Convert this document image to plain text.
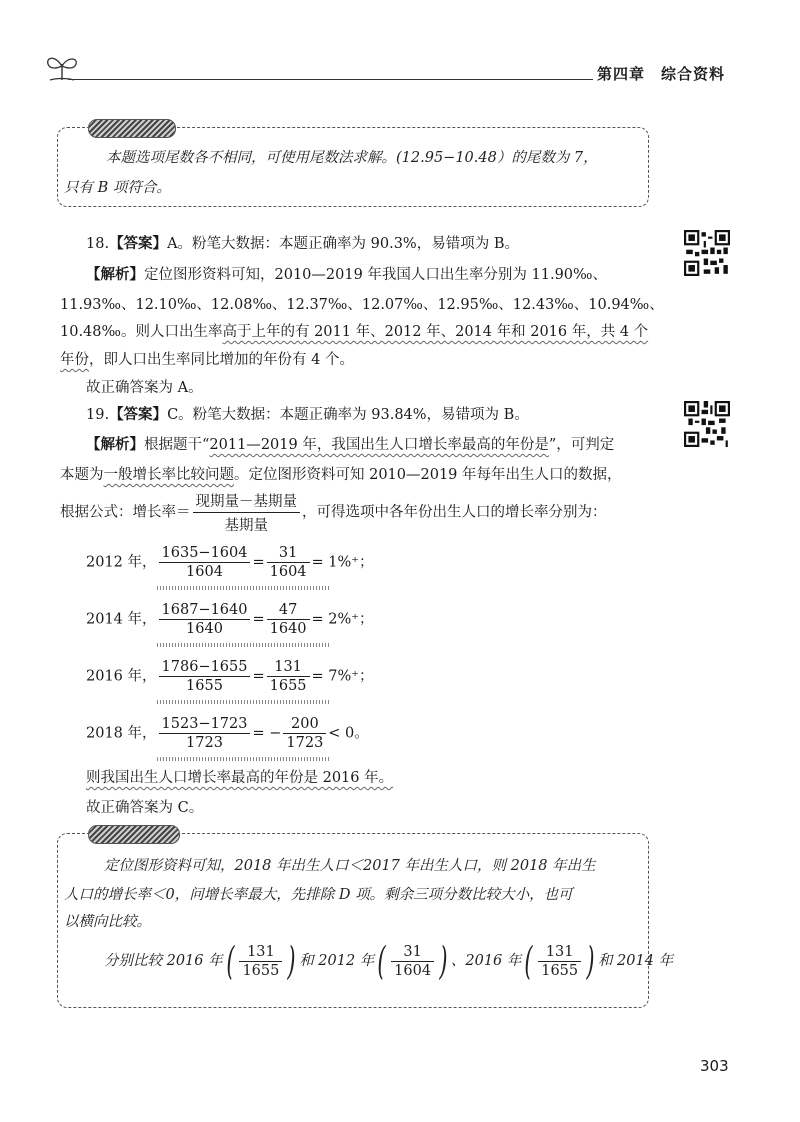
第四章 综合资料
本题选项尾数各不相同，可使用尾数法求解。(12.95−10.48）的尾数为 7，
只有 B 项符合。
18.【答案】A。粉笔大数据：本题正确率为 90.3%，易错项为 B。
【解析】定位图形资料可知，2010—2019 年我国人口出生率分别为 11.90‰、
11.93‰、12.10‰、12.08‰、12.37‰、12.07‰、12.95‰、12.43‰、10.94‰、
10.48‰。则人口出生率高于上年的有 2011 年、2012 年、2014 年和 2016 年，共 4 个
年份，即人口出生率同比增加的年份有 4 个。
故正确答案为 A。
19.【答案】C。粉笔大数据：本题正确率为 93.84%，易错项为 B。
【解析】根据题干“2011—2019 年，我国出生人口增长率最高的年份是”，可判定
本题为一般增长率比较问题。定位图形资料可知 2010—2019 年每年出生人口的数据，
根据公式：增长率＝ $\frac{\text{现期量－基期量}}{\text{基期量}}$ ，可得选项中各年份出生人口的增长率分别为：
2012 年， $\frac{1635-1604}{1604} = \frac{31}{1604} = 1\%^+$；
2014 年， $\frac{1687-1640}{1640} = \frac{47}{1640} = 2\%^+$；
2016 年， $\frac{1786-1655}{1655} = \frac{131}{1655} = 7\%^+$；
2018 年， $\frac{1523-1723}{1723}$ = − $\frac{200}{1723} < 0$。
则我国出生人口增长率最高的年份是 2016 年。
故正确答案为 C。
定位图形资料可知，2018 年出生人口＜2017 年出生人口，则 2018 年出生
人口的增长率＜0，问增长率最大，先排除 D 项。剩余三项分数比较大小，也可
以横向比较。
分别比较 2016 年( $\frac{131}{1655}$ ) 和 2012 年( $\frac{31}{1604}$ ) 、2016 年( $\frac{131}{1655}$ ) 和 2014 年
303
